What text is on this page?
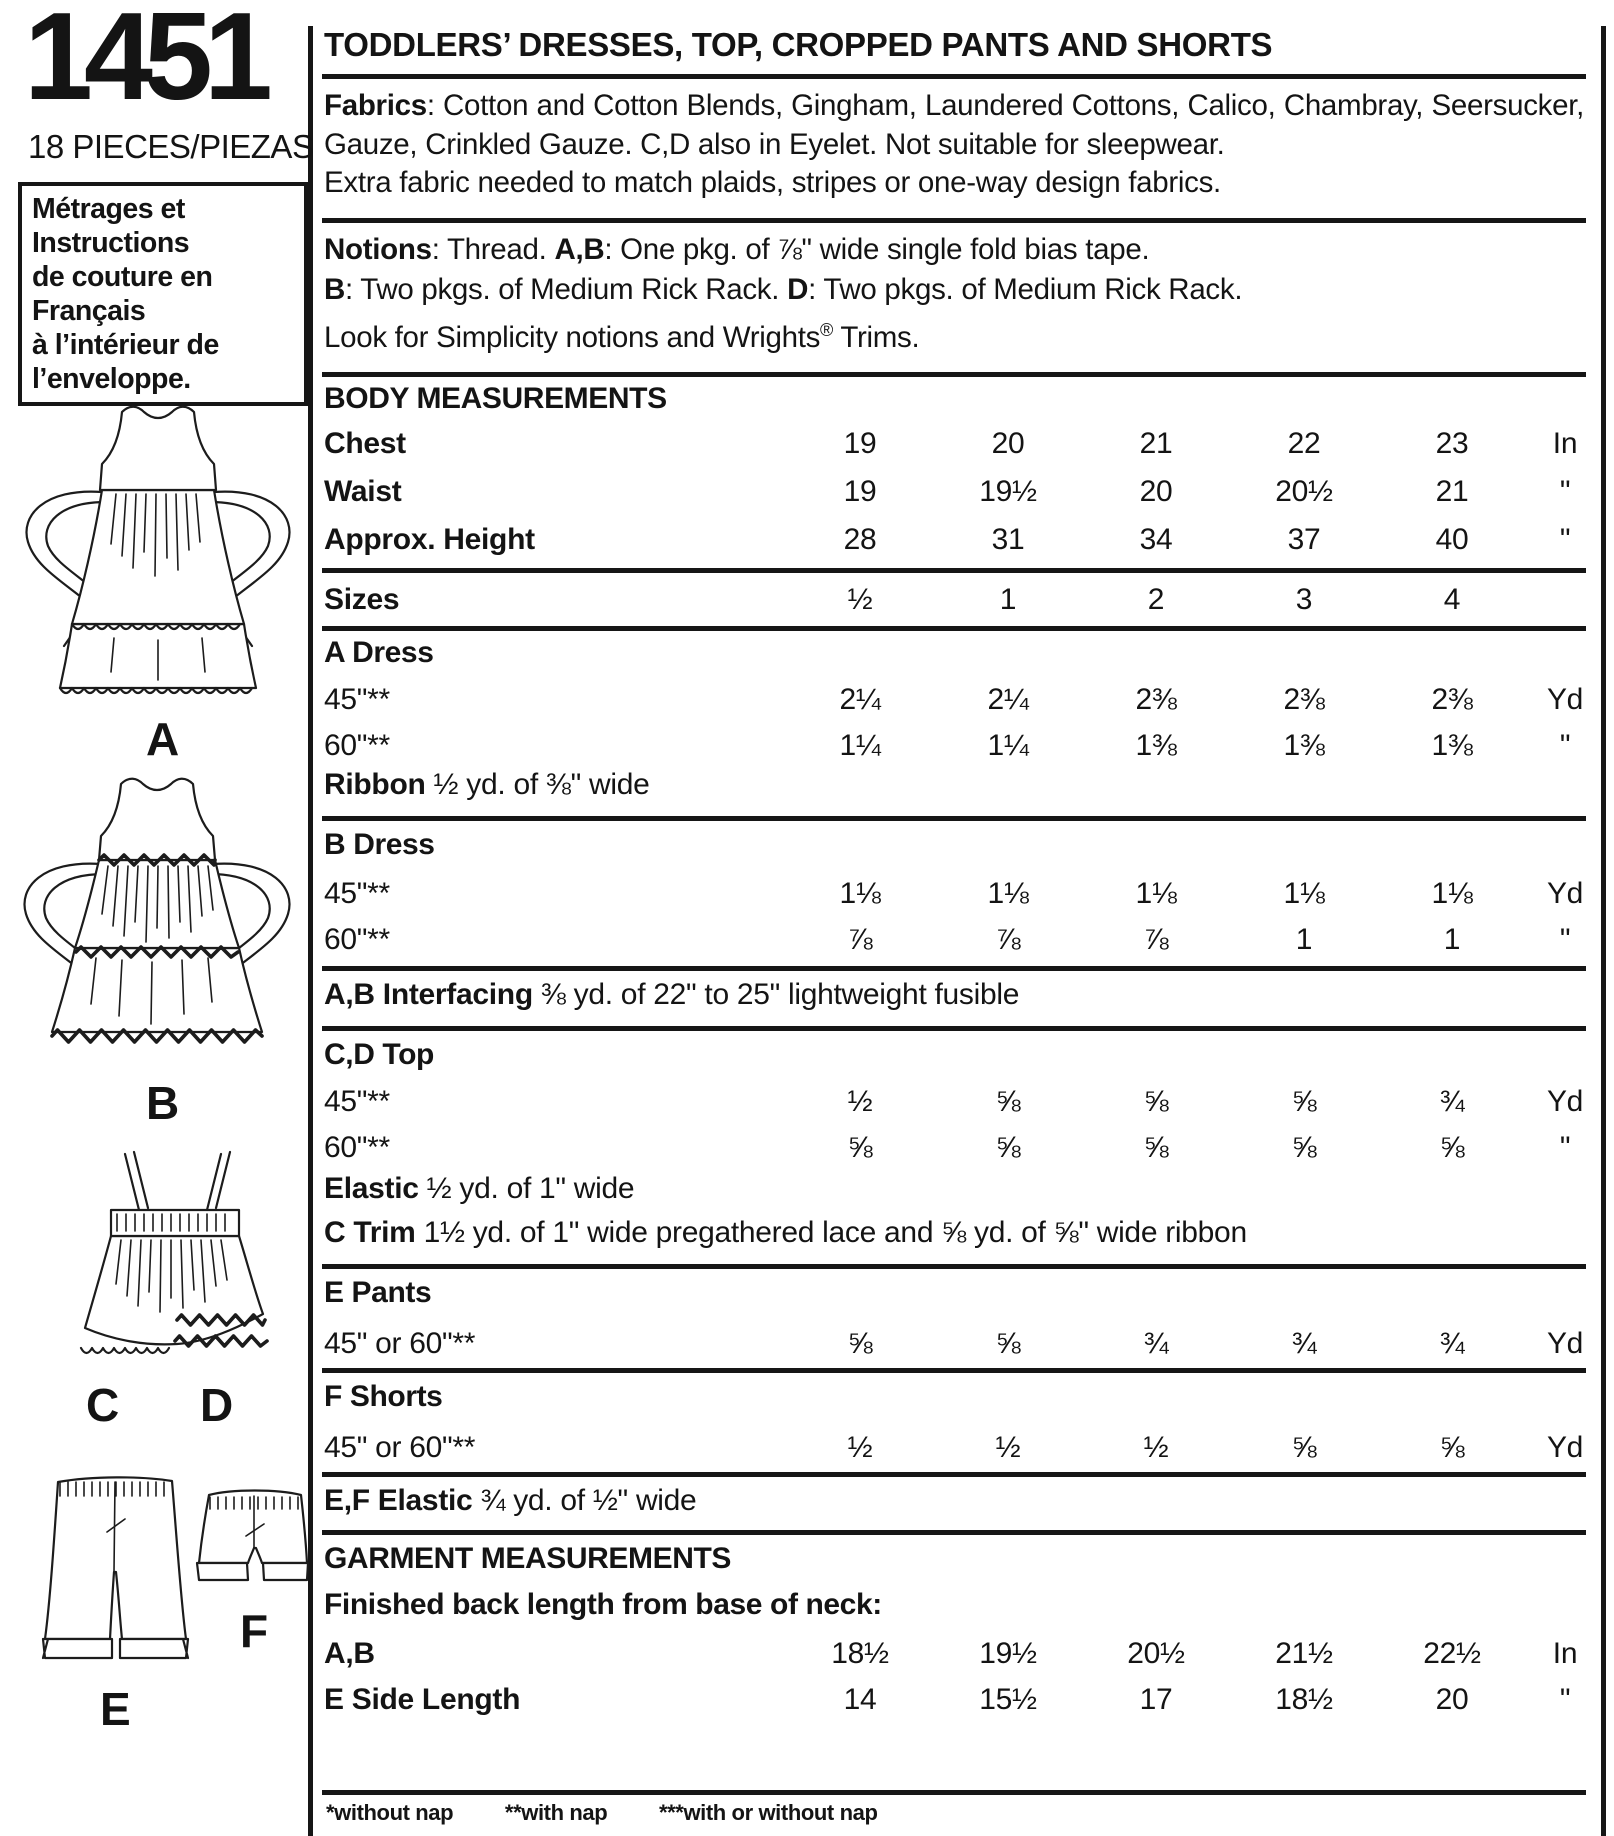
1451
18 PIECES/PIEZAS
Métrages et Instructions
de couture en Français
à l’intérieur de
l’enveloppe.
A
B
C D
F
E
TODDLERS’ DRESSES, TOP, CROPPED PANTS AND SHORTS
Fabrics: Cotton and Cotton Blends, Gingham, Laundered Cottons, Calico, Chambray, Seersucker, Gauze, Crinkled Gauze. C,D also in Eyelet. Not suitable for sleepwear.
Extra fabric needed to match plaids, stripes or one-way design fabrics.
Notions: Thread. A,B: One pkg. of ⅞" wide single fold bias tape.
B: Two pkgs. of Medium Rick Rack. D: Two pkgs. of Medium Rick Rack.
Look for Simplicity notions and Wrights® Trims.
BODY MEASUREMENTS
Chest	19	20	21	22	23	In
Waist	19	19½	20	20½	21	"
Approx. Height	28	31	34	37	40	"
Sizes	½	1	2	3	4
A Dress
45"**	2¼	2¼	2⅜	2⅜	2⅜	Yd
60"**	1¼	1¼	1⅜	1⅜	1⅜	"
Ribbon ½ yd. of ⅜" wide
B Dress
45"**	1⅛	1⅛	1⅛	1⅛	1⅛	Yd
60"**	⅞	⅞	⅞	1	1	"
A,B Interfacing ⅜ yd. of 22" to 25" lightweight fusible
C,D Top
45"**	½	⅝	⅝	⅝	¾	Yd
60"**	⅝	⅝	⅝	⅝	⅝	"
Elastic ½ yd. of 1" wide
C Trim 1½ yd. of 1" wide pregathered lace and ⅝ yd. of ⅝" wide ribbon
E Pants
45" or 60"**	⅝	⅝	¾	¾	¾	Yd
F Shorts
45" or 60"**	½	½	½	⅝	⅝	Yd
E,F Elastic ¾ yd. of ½" wide
GARMENT MEASUREMENTS
Finished back length from base of neck:
A,B	18½	19½	20½	21½	22½	In
E Side Length	14	15½	17	18½	20	"
*without nap **with nap ***with or without nap
